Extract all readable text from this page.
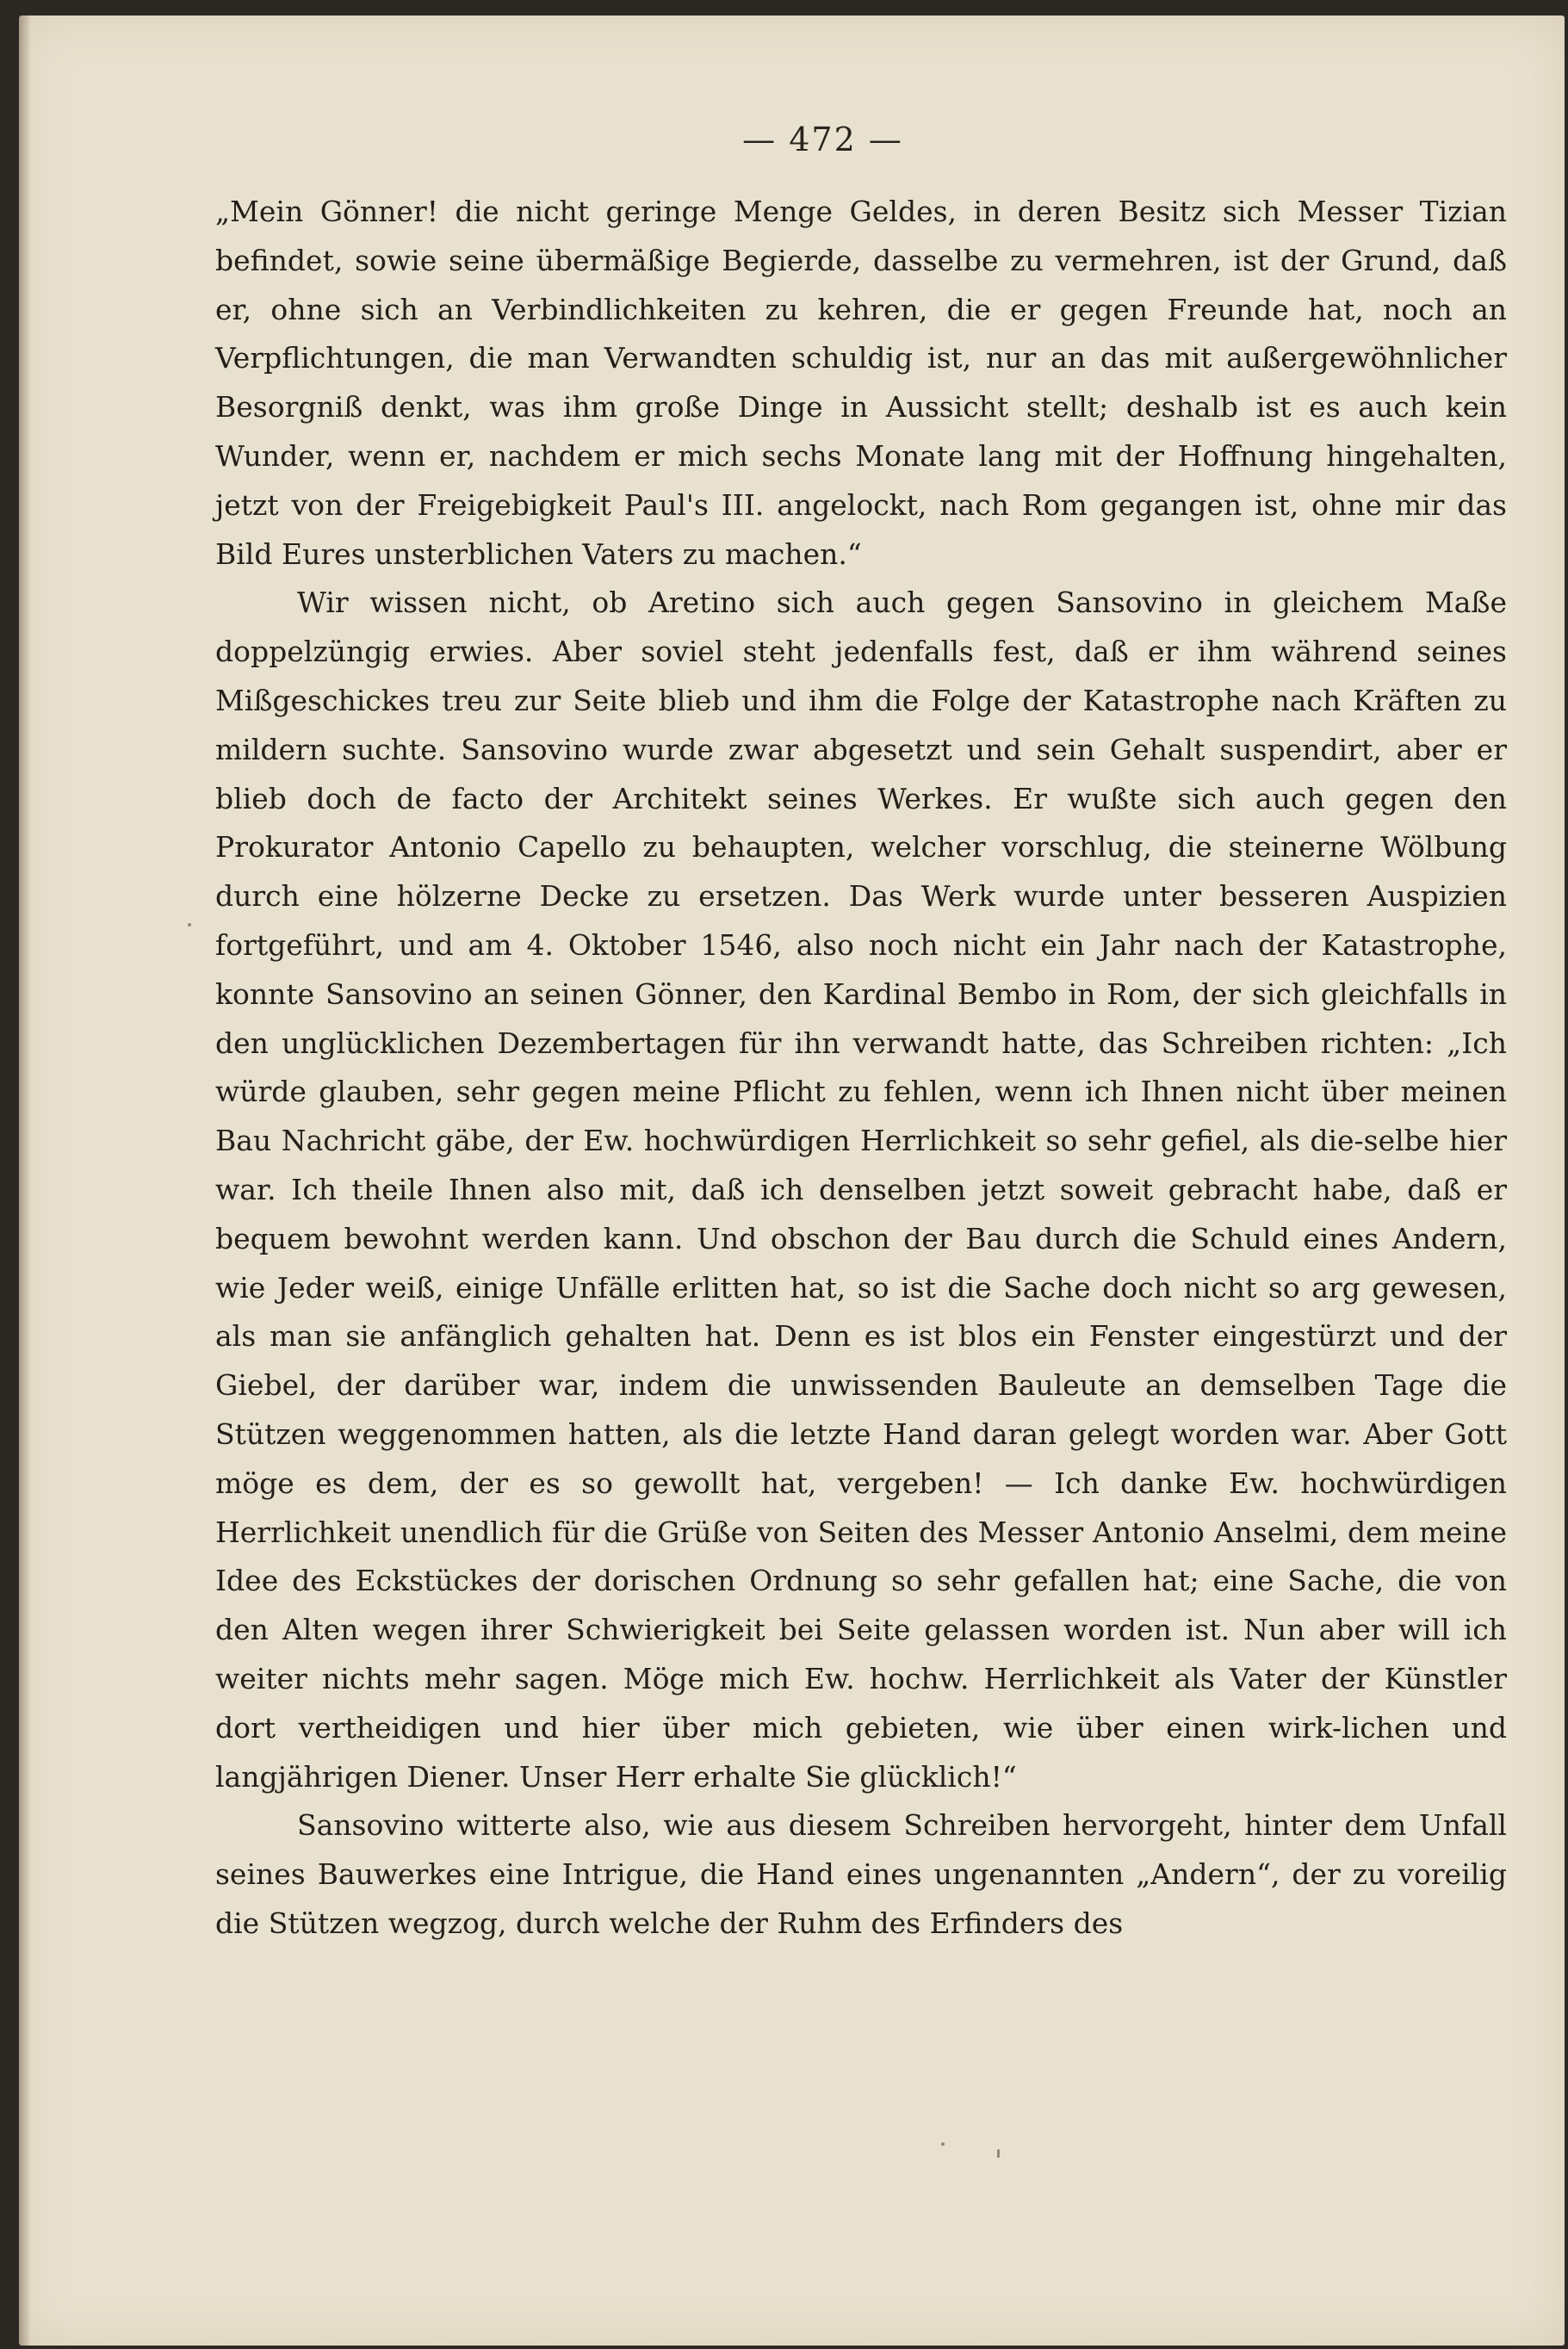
— 472 —

„Mein Gönner! die nicht geringe Menge Geldes, in deren Besitz sich Messer Tizian befindet, sowie seine übermäßige Begierde, dasselbe zu vermehren, ist der Grund, daß er, ohne sich an Verbindlichkeiten zu kehren, die er gegen Freunde hat, noch an Verpflichtungen, die man Verwandten schuldig ist, nur an das mit außergewöhnlicher Besorgniß denkt, was ihm große Dinge in Aussicht stellt; deshalb ist es auch kein Wunder, wenn er, nachdem er mich sechs Monate lang mit der Hoffnung hingehalten, jetzt von der Freigebigkeit Paul's III. angelockt, nach Rom gegangen ist, ohne mir das Bild Eures unsterblichen Vaters zu machen.“

Wir wissen nicht, ob Aretino sich auch gegen Sansovino in gleichem Maße doppelzüngig erwies. Aber soviel steht jedenfalls fest, daß er ihm während seines Mißgeschickes treu zur Seite blieb und ihm die Folge der Katastrophe nach Kräften zu mildern suchte. Sansovino wurde zwar abgesetzt und sein Gehalt suspendirt, aber er blieb doch de facto der Architekt seines Werkes. Er wußte sich auch gegen den Prokurator Antonio Capello zu behaupten, welcher vorschlug, die steinerne Wölbung durch eine hölzerne Decke zu ersetzen. Das Werk wurde unter besseren Auspizien fortgeführt, und am 4. Oktober 1546, also noch nicht ein Jahr nach der Katastrophe, konnte Sansovino an seinen Gönner, den Kardinal Bembo in Rom, der sich gleichfalls in den unglücklichen Dezembertagen für ihn verwandt hatte, das Schreiben richten: „Ich würde glauben, sehr gegen meine Pflicht zu fehlen, wenn ich Ihnen nicht über meinen Bau Nachricht gäbe, der Ew. hochwürdigen Herrlichkeit so sehr gefiel, als die-selbe hier war. Ich theile Ihnen also mit, daß ich denselben jetzt soweit gebracht habe, daß er bequem bewohnt werden kann. Und obschon der Bau durch die Schuld eines Andern, wie Jeder weiß, einige Unfälle erlitten hat, so ist die Sache doch nicht so arg gewesen, als man sie anfänglich gehalten hat. Denn es ist blos ein Fenster eingestürzt und der Giebel, der darüber war, indem die unwissenden Bauleute an demselben Tage die Stützen weggenommen hatten, als die letzte Hand daran gelegt worden war. Aber Gott möge es dem, der es so gewollt hat, vergeben! — Ich danke Ew. hochwürdigen Herrlichkeit unendlich für die Grüße von Seiten des Messer Antonio Anselmi, dem meine Idee des Eckstückes der dorischen Ordnung so sehr gefallen hat; eine Sache, die von den Alten wegen ihrer Schwierigkeit bei Seite gelassen worden ist. Nun aber will ich weiter nichts mehr sagen. Möge mich Ew. hochw. Herrlichkeit als Vater der Künstler dort vertheidigen und hier über mich gebieten, wie über einen wirk-lichen und langjährigen Diener. Unser Herr erhalte Sie glücklich!“

Sansovino witterte also, wie aus diesem Schreiben hervorgeht, hinter dem Unfall seines Bauwerkes eine Intrigue, die Hand eines ungenannten „Andern“, der zu voreilig die Stützen wegzog, durch welche der Ruhm des Erfinders des
